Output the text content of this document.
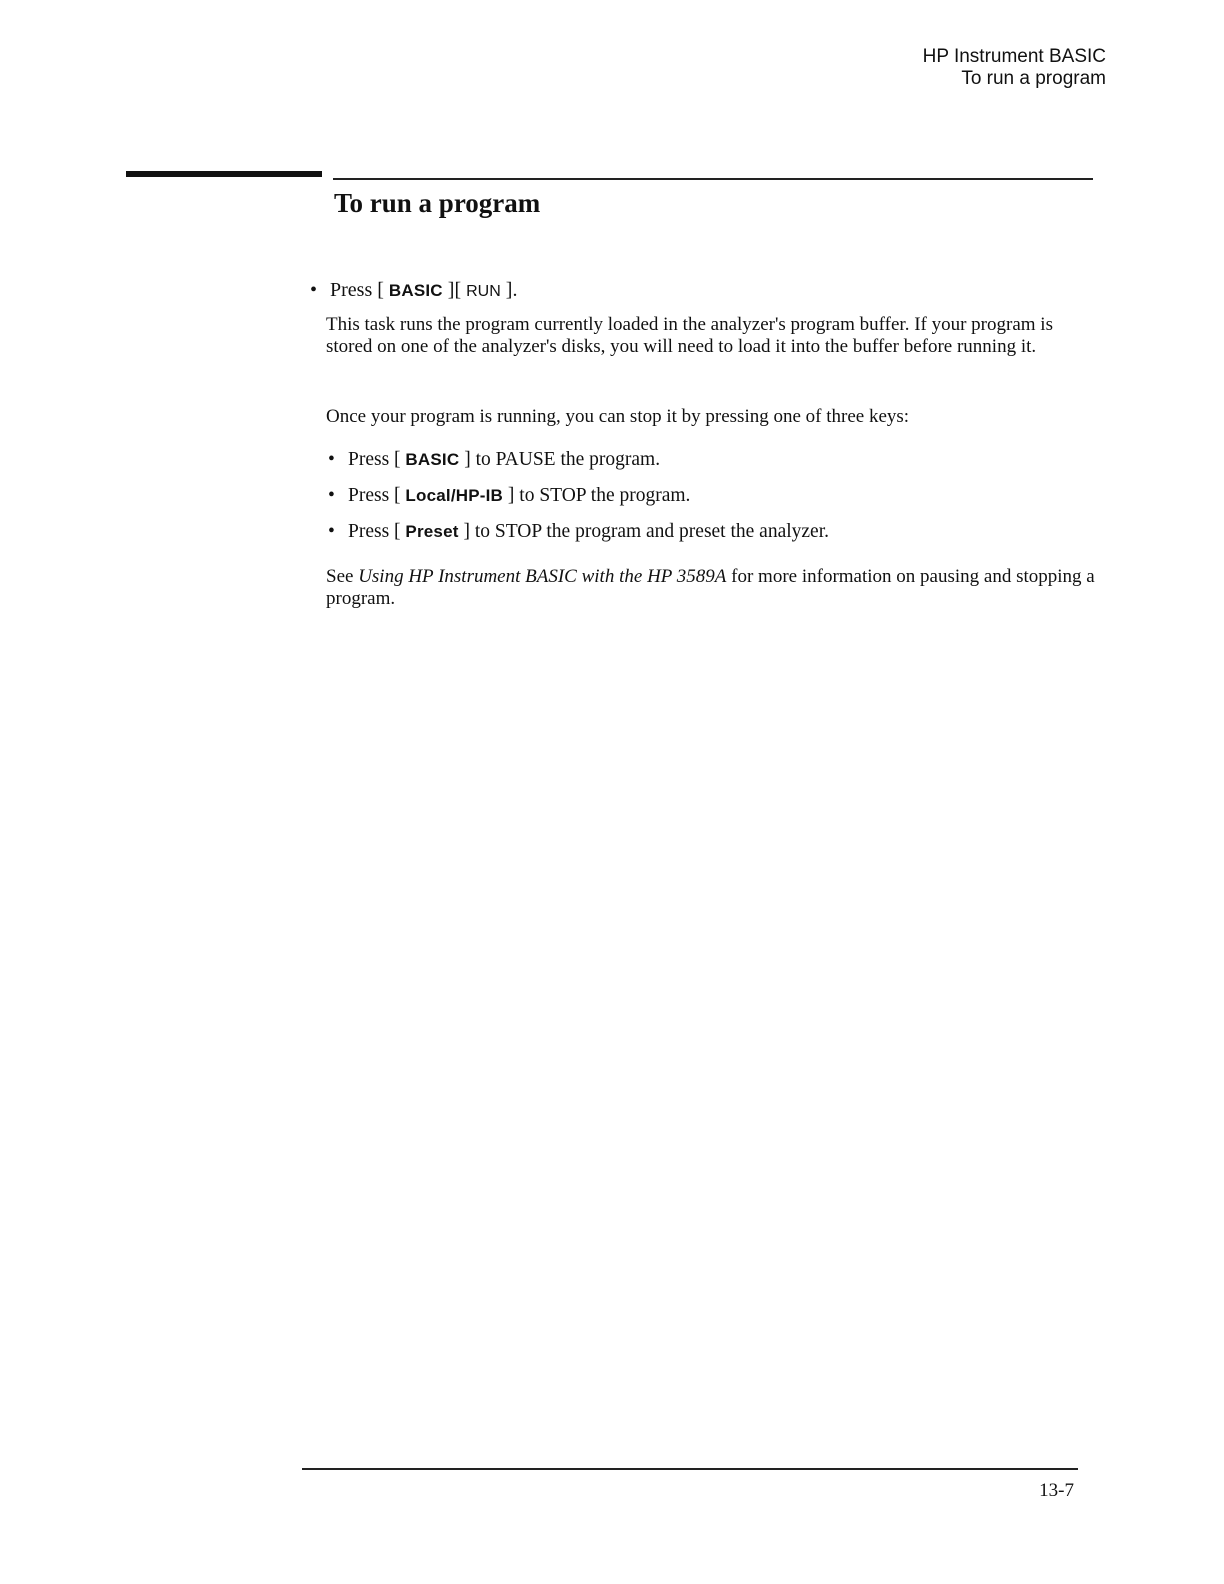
HP Instrument BASIC
To run a program
To run a program
• Press [ BASIC ][ RUN ].

This task runs the program currently loaded in the analyzer's program buffer. If your program is stored on one of the analyzer's disks, you will need to load it into the buffer before running it.

Once your program is running, you can stop it by pressing one of three keys:

• Press [ BASIC ] to PAUSE the program.
• Press [ Local/HP-IB ] to STOP the program.
• Press [ Preset ] to STOP the program and preset the analyzer.

See Using HP Instrument BASIC with the HP 3589A for more information on pausing and stopping a program.

13-7
